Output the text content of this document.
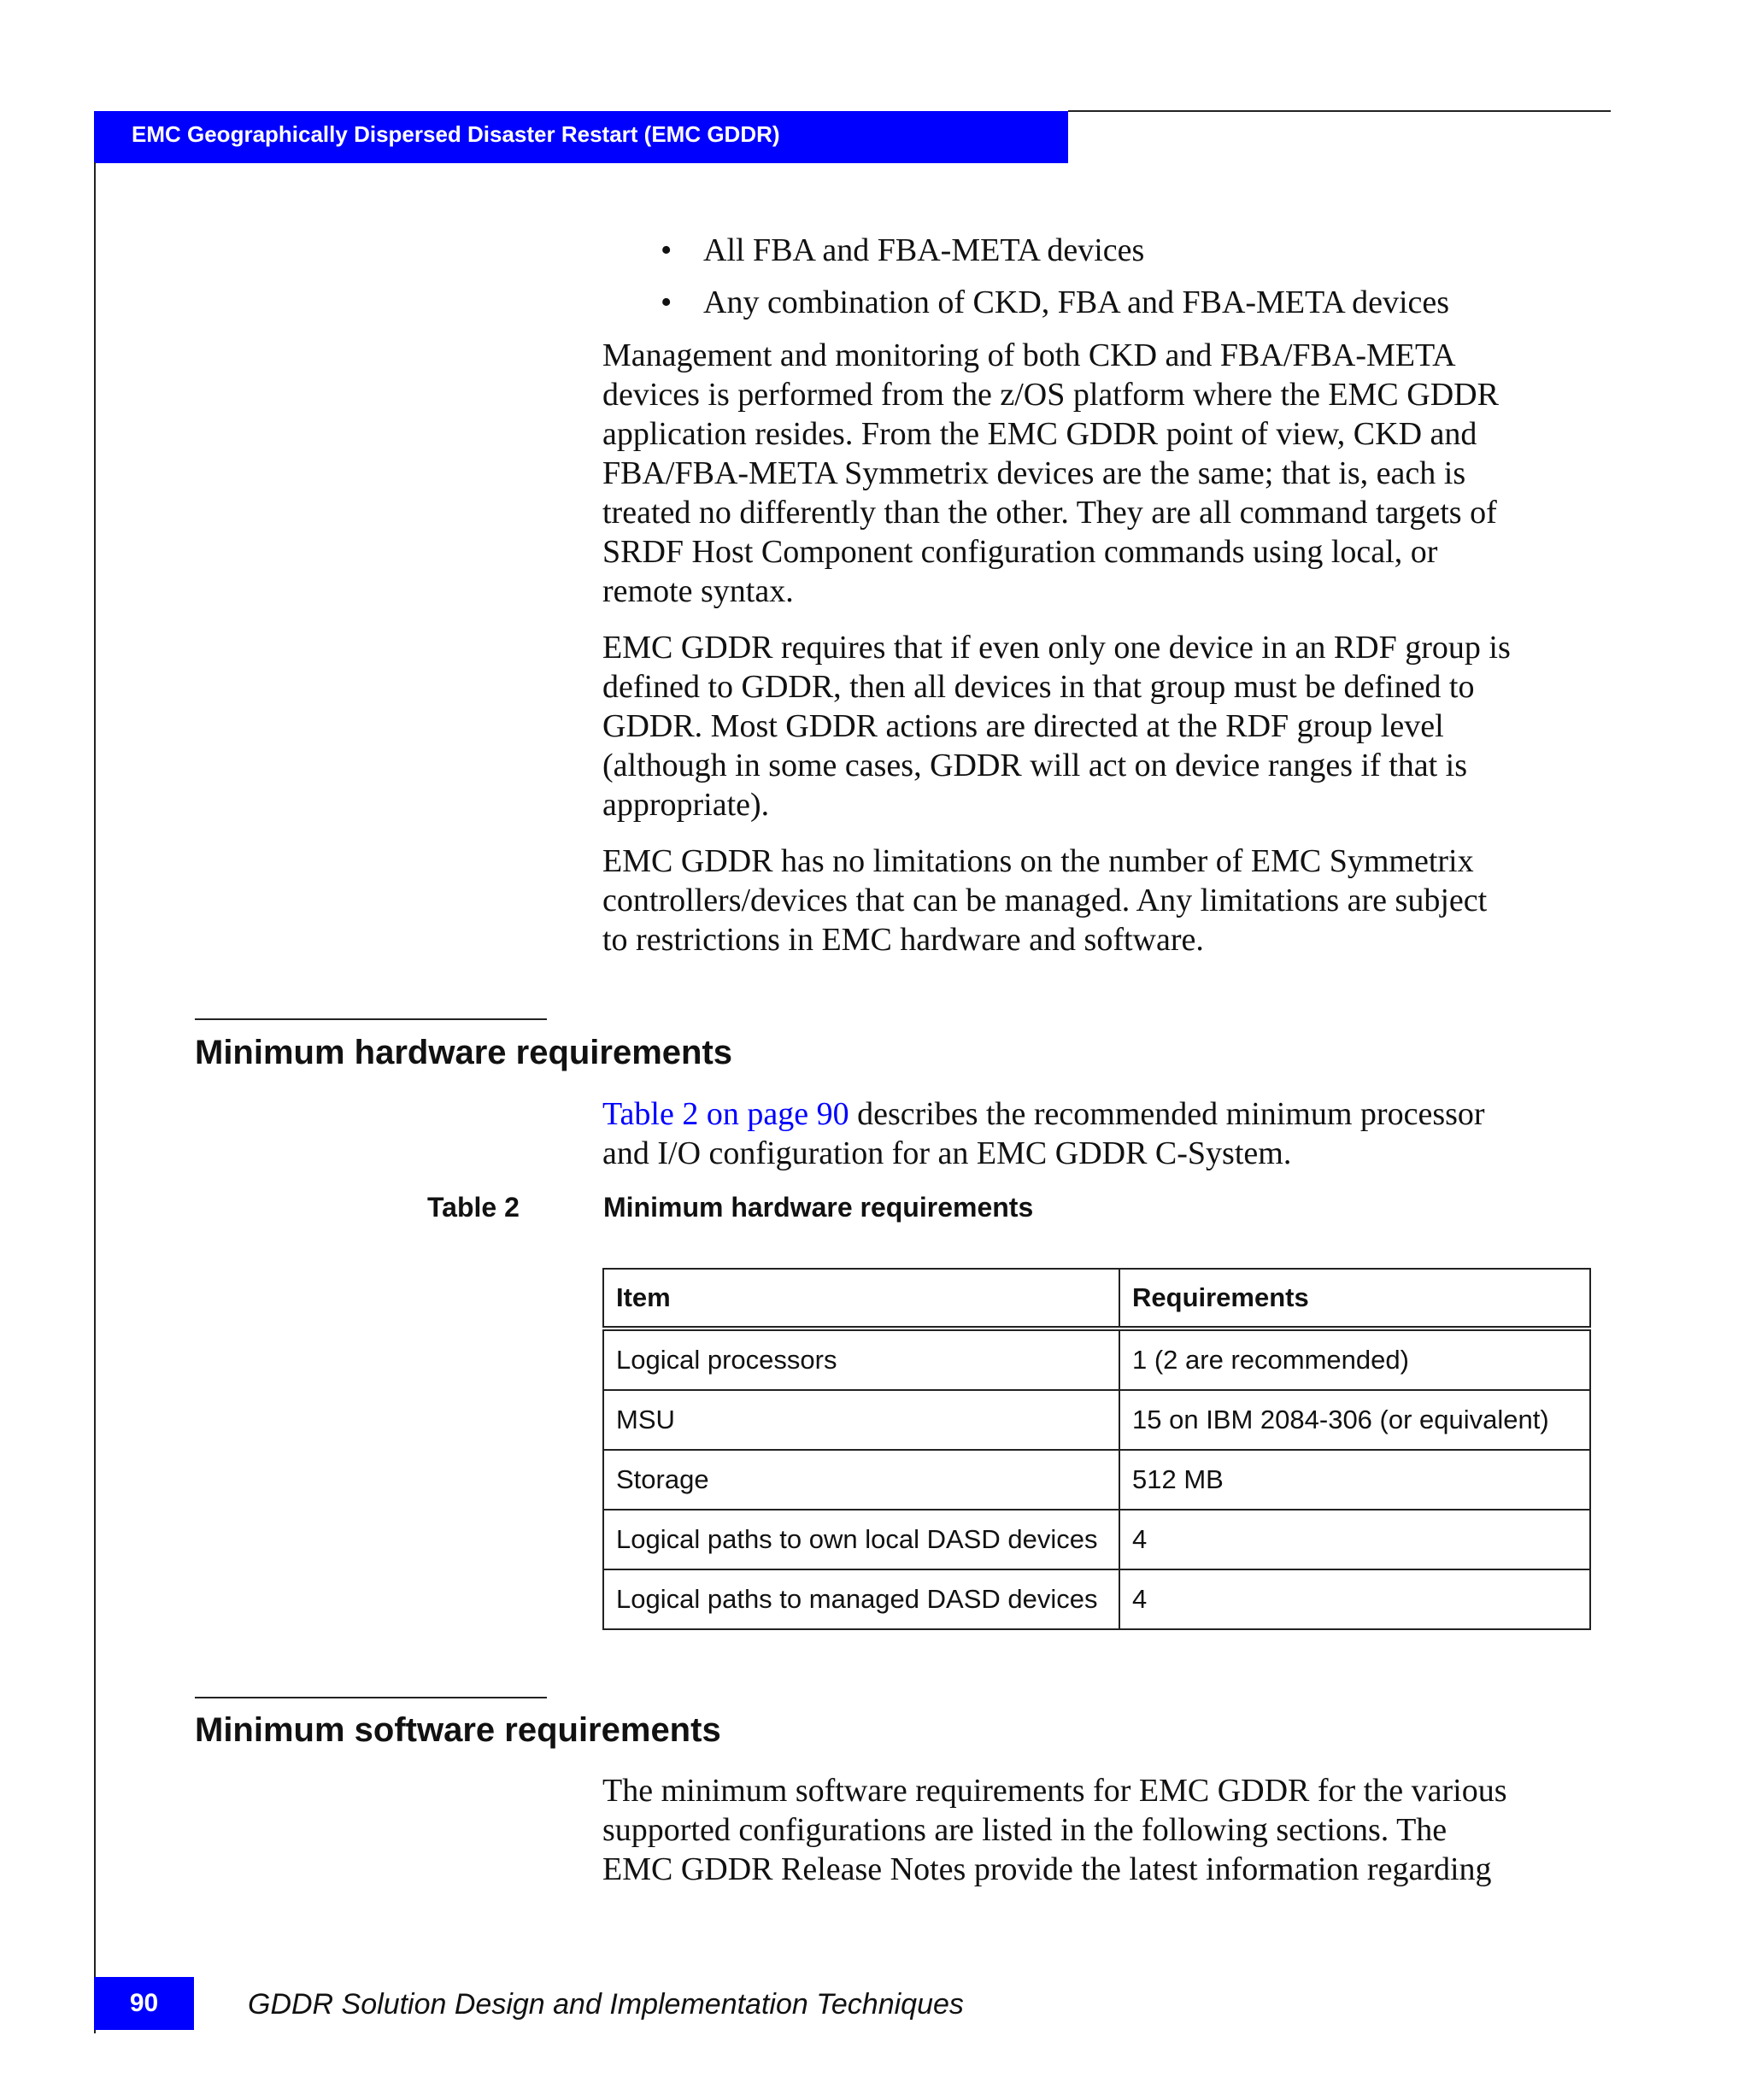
EMC Geographically Dispersed Disaster Restart (EMC GDDR)
• All FBA and FBA-META devices
• Any combination of CKD, FBA and FBA-META devices
Management and monitoring of both CKD and FBA/FBA-META
devices is performed from the z/OS platform where the EMC GDDR
application resides. From the EMC GDDR point of view, CKD and
FBA/FBA-META Symmetrix devices are the same; that is, each is
treated no differently than the other. They are all command targets of
SRDF Host Component configuration commands using local, or
remote syntax.
EMC GDDR requires that if even only one device in an RDF group is
defined to GDDR, then all devices in that group must be defined to
GDDR. Most GDDR actions are directed at the RDF group level
(although in some cases, GDDR will act on device ranges if that is
appropriate).
EMC GDDR has no limitations on the number of EMC Symmetrix
controllers/devices that can be managed. Any limitations are subject
to restrictions in EMC hardware and software.
Minimum hardware requirements
Table 2 on page 90 describes the recommended minimum processor
and I/O configuration for an EMC GDDR C-System.
Table 2	Minimum hardware requirements
Item	Requirements
Logical processors	1 (2 are recommended)
MSU	15 on IBM 2084-306 (or equivalent)
Storage	512 MB
Logical paths to own local DASD devices	4
Logical paths to managed DASD devices	4
Minimum software requirements
The minimum software requirements for EMC GDDR for the various
supported configurations are listed in the following sections. The
EMC GDDR Release Notes provide the latest information regarding
90	GDDR Solution Design and Implementation Techniques
